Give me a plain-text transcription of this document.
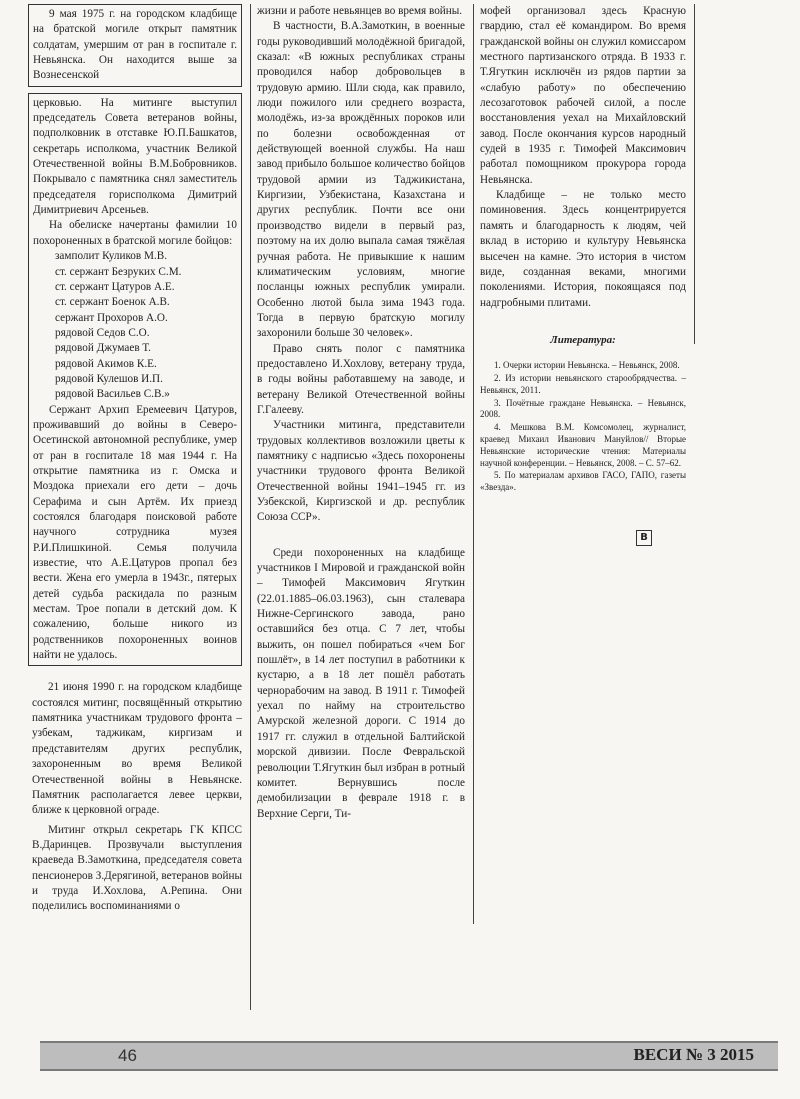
9 мая 1975 г. на городском кладбище на братской могиле открыт памятник солдатам, умершим от ран в госпитале г. Невьянска. Он находится выше за Вознесенской

церковью. На митинге выступил председатель Совета ветеранов войны, подполковник в отставке Ю.П.Башкатов, секретарь исполкома, участник Великой Отечественной войны В.М.Бобровников. Покрывало с памятника снял заместитель председателя горисполкома Димитрий Димитриевич Арсеньев.

На обелиске начертаны фамилии 10 похороненных в братской могиле бойцов:

замполит Куликов М.В.
ст. сержант Безруких С.М.
ст. сержант Цатуров А.Е.
ст. сержант Боенок А.В.
сержант Прохоров А.О.
рядовой Седов С.О.
рядовой Джумаев Т.
рядовой Акимов К.Е.
рядовой Кулешов И.П.
рядовой Васильев С.В.»

Сержант Архип Еремеевич Цатуров, проживавший до войны в Северо-Осетинской автономной республике, умер от ран в госпитале 18 мая 1944 г. На открытие памятника из г. Омска и Моздока приехали его дети – дочь Серафима и сын Артём. Их приезд состоялся благодаря поисковой работе научного сотрудника музея Р.И.Плишкиной. Семья получила известие, что А.Е.Цатуров пропал без вести. Жена его умерла в 1943г., пятерых детей судьба раскидала по разным местам. Трое попали в детский дом. К сожалению, больше никого из родственников похороненных воинов найти не удалось.

21 июня 1990 г. на городском кладбище состоялся митинг, посвящённый открытию памятника участникам трудового фронта – узбекам, таджикам, киргизам и представителям других республик, захороненным во время Великой Отечественной войны в Невьянске. Памятник располагается левее церкви, ближе к церковной ограде.

Митинг открыл секретарь ГК КПСС В.Даринцев. Прозвучали выступления краеведа В.Замоткина, председателя совета пенсионеров З.Дерягиной, ветеранов войны и труда И.Хохлова, А.Репина. Они поделились воспоминаниями о

жизни и работе невьянцев во время войны.

В частности, В.А.Замоткин, в военные годы руководивший молодёжной бригадой, сказал: «В южных республиках страны проводился набор добровольцев в трудовую армию. Шли сюда, как правило, люди пожилого или среднего возраста, молодёжь, из-за врождённых пороков или по болезни освобожденная от действующей военной службы. На наш завод прибыло большое количество бойцов трудовой армии из Таджикистана, Киргизии, Узбекистана, Казахстана и других республик. Почти все они производство видели в первый раз, поэтому на их долю выпала самая тяжёлая ручная работа. Не привыкшие к нашим климатическим условиям, многие посланцы южных республик умирали. Особенно лютой была зима 1943 года. Тогда в первую братскую могилу захоронили больше 30 человек».

Право снять полог с памятника предоставлено И.Хохлову, ветерану труда, в годы войны работавшему на заводе, и ветерану Великой Отечественной войны Г.Галееву.

Участники митинга, представители трудовых коллективов возложили цветы к памятнику с надписью «Здесь похоронены участники трудового фронта Великой Отечественной войны 1941–1945 гг. из Узбекской, Киргизской и др. республик Союза ССР».

Среди похороненных на кладбище участников I Мировой и гражданской войн – Тимофей Максимович Ягуткин (22.01.1885–06.03.1963), сын сталевара Нижне-Сергинского завода, рано оставшийся без отца. С 7 лет, чтобы выжить, он пошел побираться «чем Бог пошлёт», в 14 лет поступил в работники к кустарю, а в 18 лет пошёл работать чернорабочим на завод. В 1911 г. Тимофей уехал по найму на строительство Амурской железной дороги. С 1914 до 1917 гг. служил в отдельной Балтийской морской дивизии. После Февральской революции Т.Ягуткин был избран в ротный комитет. Вернувшись после демобилизации в феврале 1918 г. в Верхние Серги, Ти-

мофей организовал здесь Красную гвардию, стал её командиром. Во время гражданской войны он служил комиссаром местного партизанского отряда. В 1933 г. Т.Ягуткин исключён из рядов партии за «слабую работу» по обеспечению лесозаготовок рабочей силой, а после восстановления уехал на Михайловский завод. После окончания курсов народный судей в 1935 г. Тимофей Максимович работал помощником прокурора города Невьянска.

Кладбище – не только место поминовения. Здесь концентрируется память и благодарность к людям, чей вклад в историю и культуру Невьянска высечен на камне. Это история в чистом виде, созданная веками, многими поколениями. История, покоящаяся под надгробными плитами.

Литература:

1. Очерки истории Невьянска. – Невьянск, 2008.

2. Из истории невьянского старообрядчества. – Невьянск, 2011.

3. Почётные граждане Невьянска. – Невьянск, 2008.

4. Мешкова В.М. Комсомолец, журналист, краевед Михаил Иванович Мануйлов// Вторые Невьянские исторические чтения: Материалы научной конференции. – Невьянск, 2008. – С. 57–62.

5. По материалам архивов ГАСО, ГАПО, газеты «Звезда».

В
46	ВЕСИ № 3 2015
